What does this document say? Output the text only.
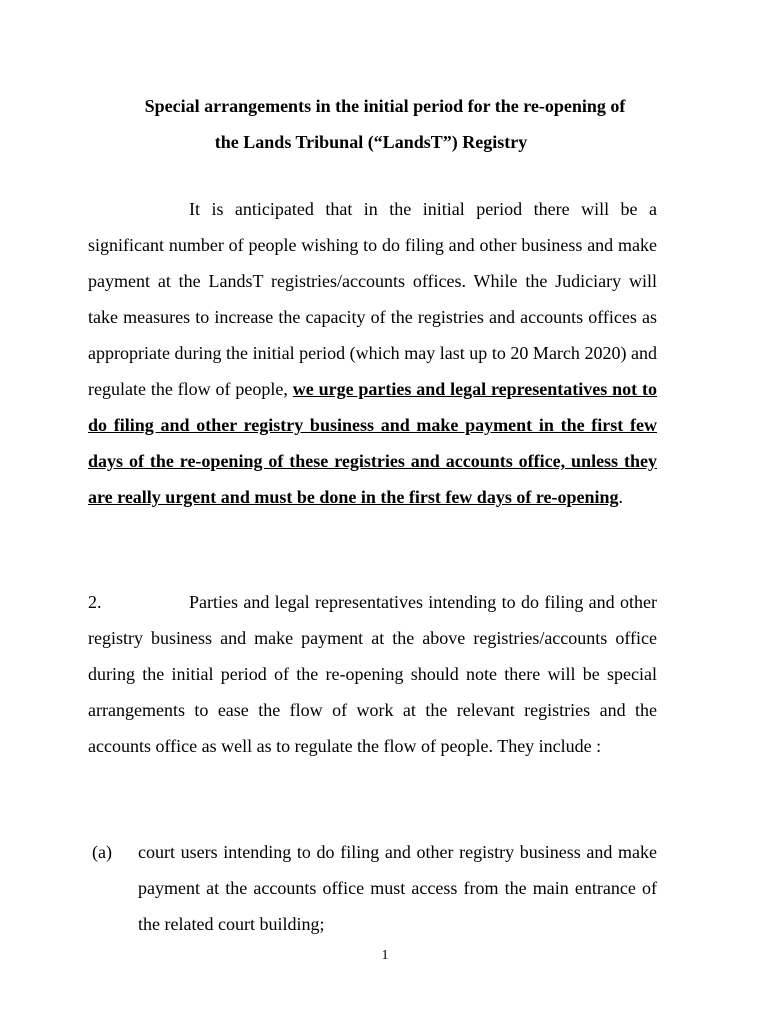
Special arrangements in the initial period for the re-opening of
the Lands Tribunal (“LandsT”) Registry
It is anticipated that in the initial period there will be a significant number of people wishing to do filing and other business and make payment at the LandsT registries/accounts offices. While the Judiciary will take measures to increase the capacity of the registries and accounts offices as appropriate during the initial period (which may last up to 20 March 2020) and regulate the flow of people, we urge parties and legal representatives not to do filing and other registry business and make payment in the first few days of the re-opening of these registries and accounts office, unless they are really urgent and must be done in the first few days of re-opening.
2.	Parties and legal representatives intending to do filing and other registry business and make payment at the above registries/accounts office during the initial period of the re-opening should note there will be special arrangements to ease the flow of work at the relevant registries and the accounts office as well as to regulate the flow of people. They include :
(a) court users intending to do filing and other registry business and make payment at the accounts office must access from the main entrance of the related court building;
1
